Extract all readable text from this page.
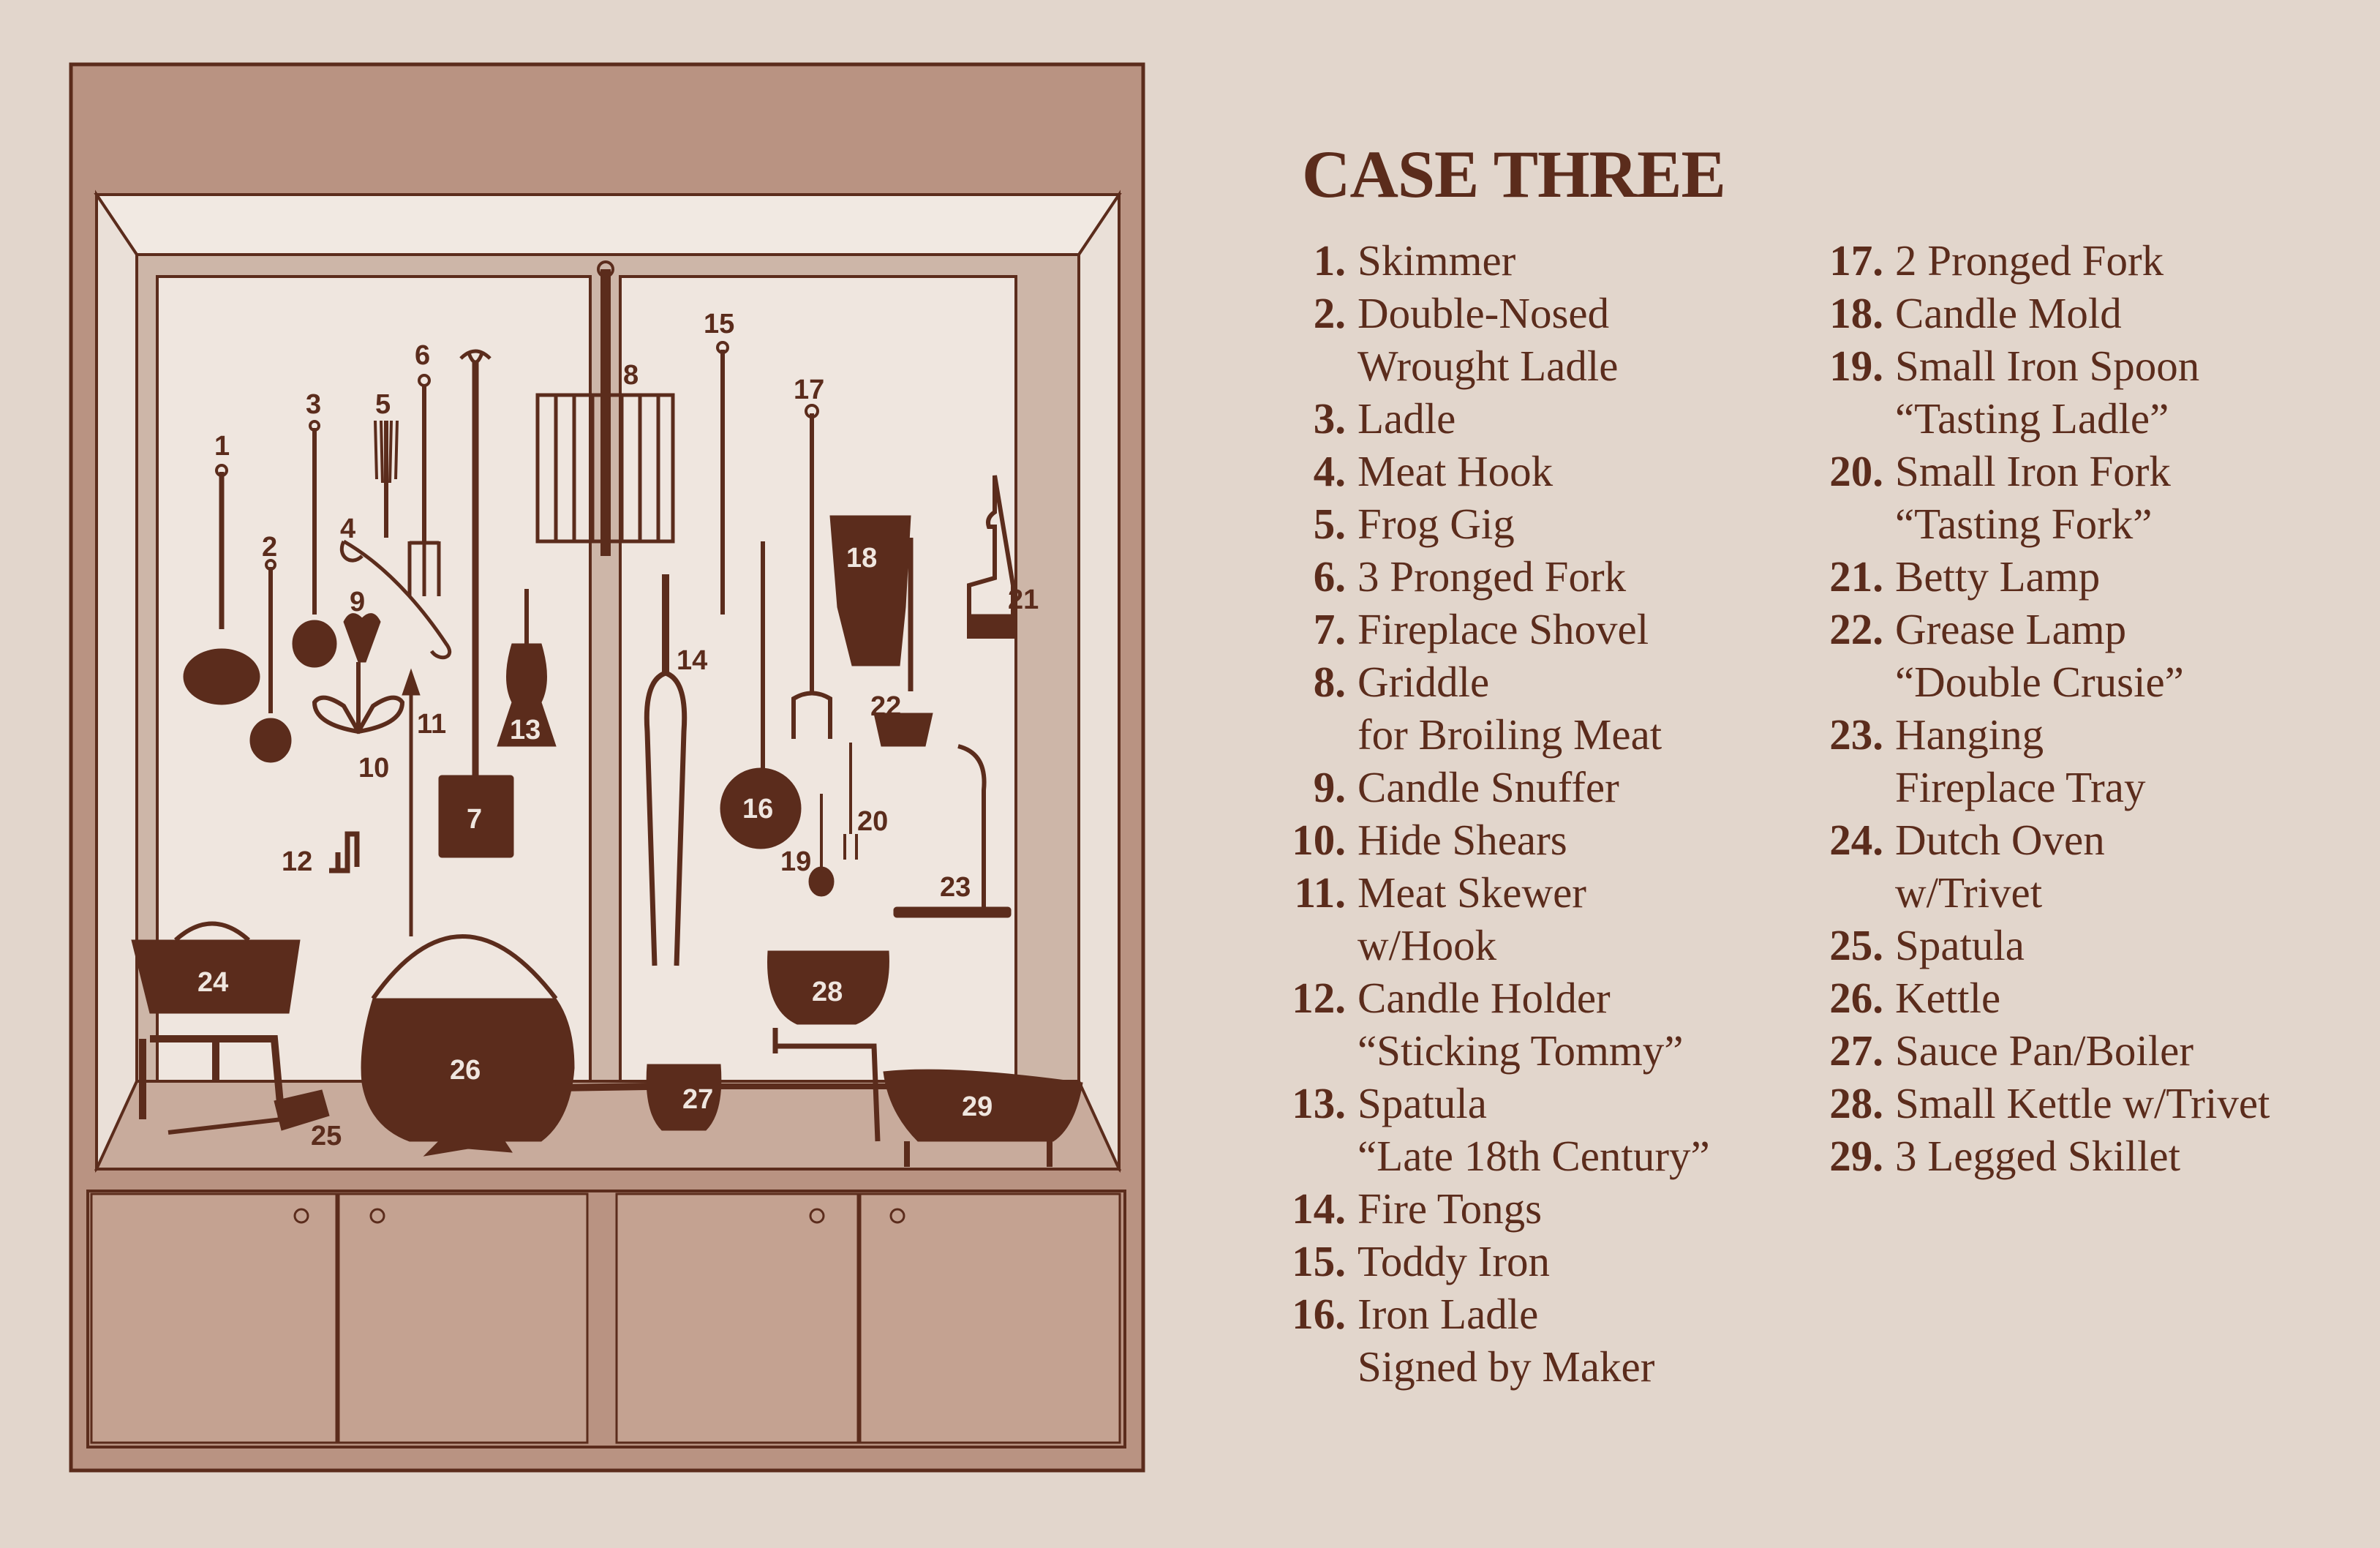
1
2
3
4
5
6
7
8
9
10
11
12
13
14
15
16
17
18
19
20
21
22
23
24
25
26
27
28
29
CASE THREE
1. Skimmer
2. Double-Nosed
Wrought Ladle
3. Ladle
4. Meat Hook
5. Frog Gig
6. 3 Pronged Fork
7. Fireplace Shovel
8. Griddle
for Broiling Meat
9. Candle Snuffer
10. Hide Shears
11. Meat Skewer
w/Hook
12. Candle Holder
“Sticking Tommy”
13. Spatula
“Late 18th Century”
14. Fire Tongs
15. Toddy Iron
16. Iron Ladle
Signed by Maker
17. 2 Pronged Fork
18. Candle Mold
19. Small Iron Spoon
“Tasting Ladle”
20. Small Iron Fork
“Tasting Fork”
21. Betty Lamp
22. Grease Lamp
“Double Crusie”
23. Hanging
Fireplace Tray
24. Dutch Oven
w/Trivet
25. Spatula
26. Kettle
27. Sauce Pan/Boiler
28. Small Kettle w/Trivet
29. 3 Legged Skillet
